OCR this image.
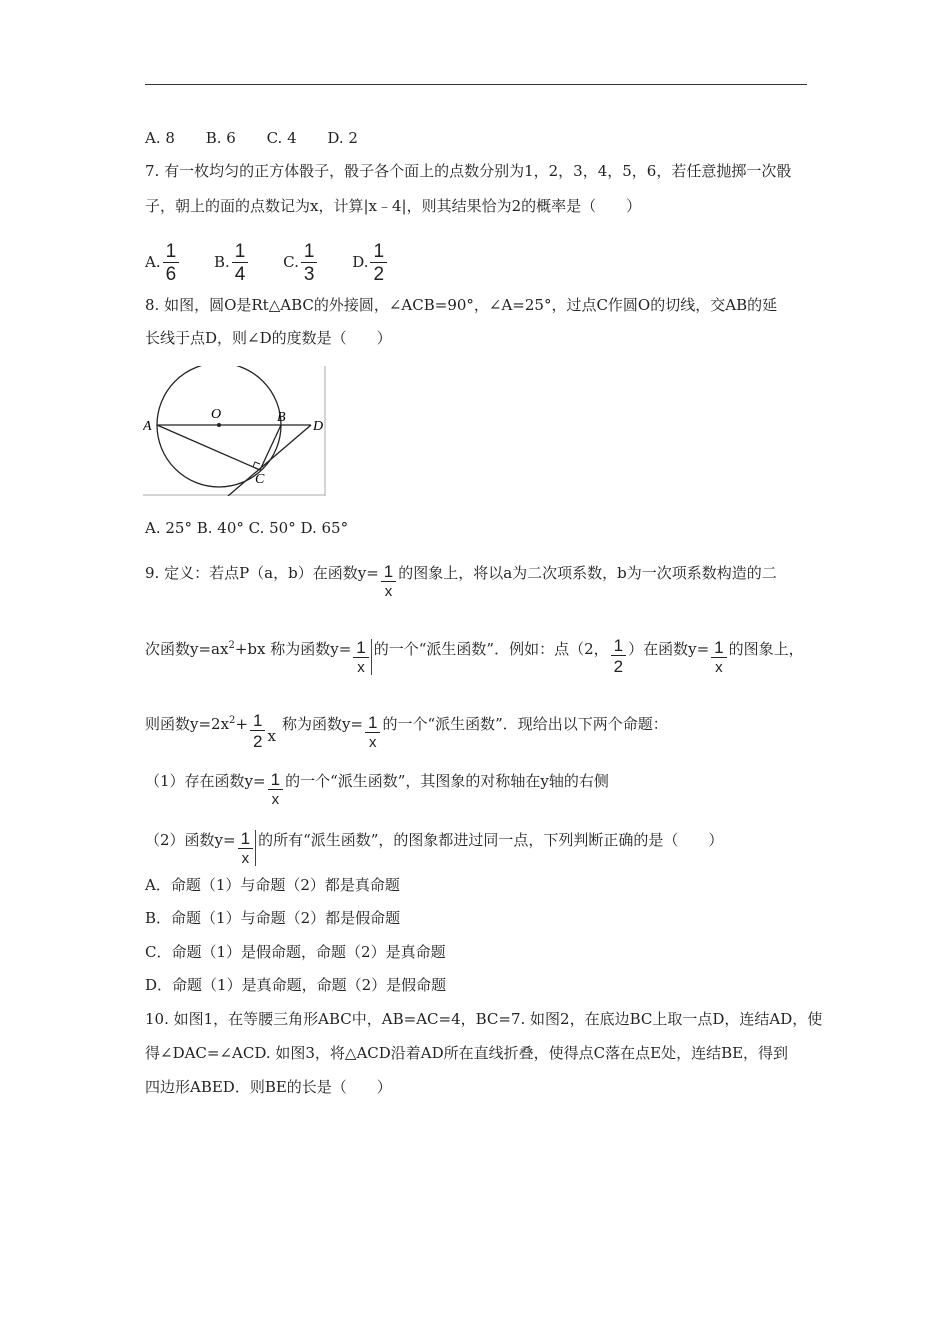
A. 8 B. 6 C. 4 D. 2
7. 有一枚均匀的正方体骰子，骰子各个面上的点数分别为1，2，3，4，5，6，若任意抛掷一次骰
子，朝上的面的点数记为x，计算|x﹣4|，则其结果恰为2的概率是（　　）
A. $\frac{1}{6} B$. $\frac{1}{4} C$. $\frac{1}{3} D$. $\frac{1}{2}$
8. 如图，圆O是Rt△ABC的外接圆，∠ACB=90°，∠A=25°，过点C作圆O的切线，交AB的延
长线于点D，则∠D的度数是（　　）
A
O	B
D
C
A. 25° B. 40° C. 50° D. 65°
9. 定义：若点P（a，b）在函数$y= \frac{1}{x}$ 的图象上，将以a为二次项系数，b为一次项系数构造的二
次函数$y=ax^2+bx$ 称为函数$y= \frac{1}{x}$ 的一个“派生函数”．例如：点（2， $\frac{1}{2}$ ）在函数$y= \frac{1}{x}$ 的图象上，
则函数$y=2x^2+ \frac{1}{2}$ x称为函数$y= \frac{1}{x}$ 的一个“派生函数”．现给出以下两个命题：
（1）存在函数$y= \frac{1}{x}$ 的一个“派生函数”，其图象的对称轴在y轴的右侧
（2）函数$y= \frac{1}{x}$ 的所有“派生函数”，的图象都进过同一点，下列判断正确的是（　　）
A．命题（1）与命题（2）都是真命题
B．命题（1）与命题（2）都是假命题
C．命题（1）是假命题，命题（2）是真命题
D．命题（1）是真命题，命题（2）是假命题
10. 如图1，在等腰三角形ABC中，AB=AC=4，BC=7. 如图2，在底边BC上取一点D，连结AD，使
得∠DAC=∠ACD. 如图3，将△ACD沿着AD所在直线折叠，使得点C落在点E处，连结BE，得到
四边形ABED．则BE的长是（　　）
